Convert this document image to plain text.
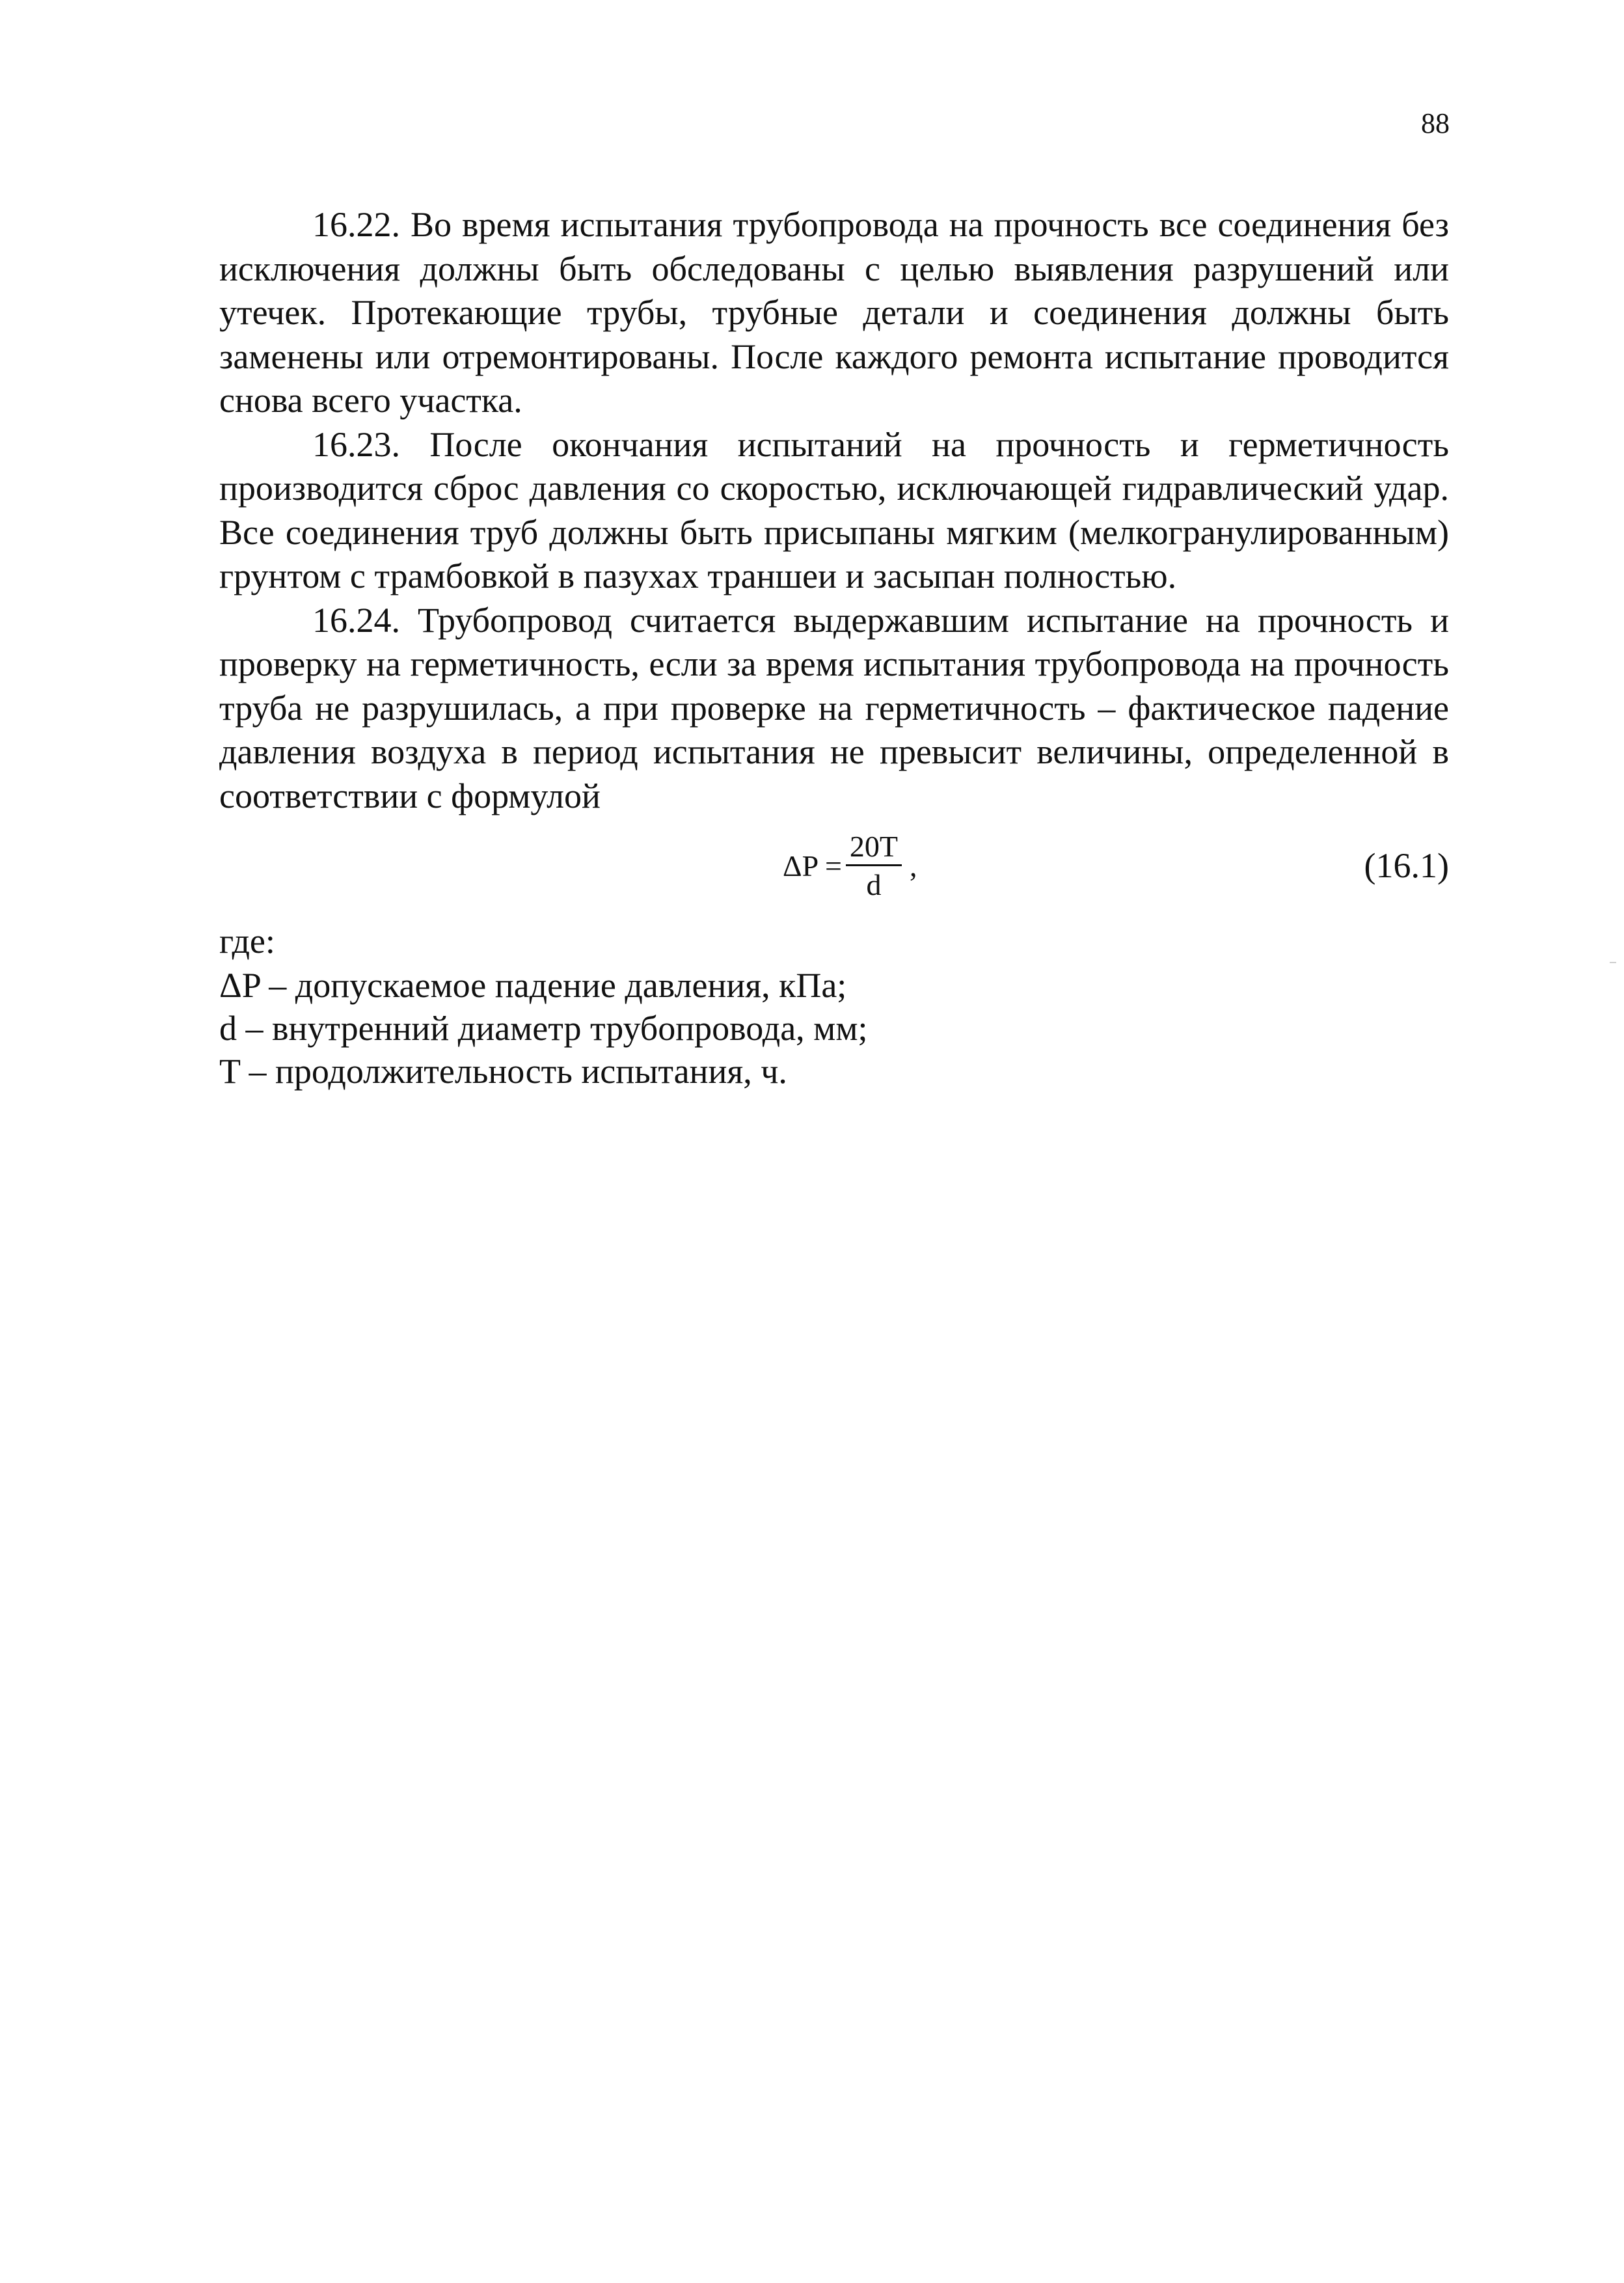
88

16.22. Во время испытания трубопровода на прочность все соединения без исключения должны быть обследованы с целью выявления разрушений или утечек. Протекающие трубы, трубные детали и соединения должны быть заменены или отремонтированы. После каждого ремонта испытание проводится снова всего участка.

16.23. После окончания испытаний на прочность и герметичность производится сброс давления со скоростью, исключающей гидравлический удар. Все соединения труб должны быть присыпаны мягким (мелкогранулированным) грунтом с трамбовкой в пазухах траншеи и засыпан полностью.

16.24. Трубопровод считается выдержавшим испытание на прочность и проверку на герметичность, если за время испытания трубопровода на прочность труба не разрушилась, а при проверке на герметичность – фактическое падение давления воздуха в период испытания не превысит величины, определенной в соответствии с формулой

$\Delta P = \frac{20T}{d}$ ,	(16.1)

где:

ΔP – допускаемое падение давления, кПа;

d – внутренний диаметр трубопровода, мм;

T – продолжительность испытания, ч.
